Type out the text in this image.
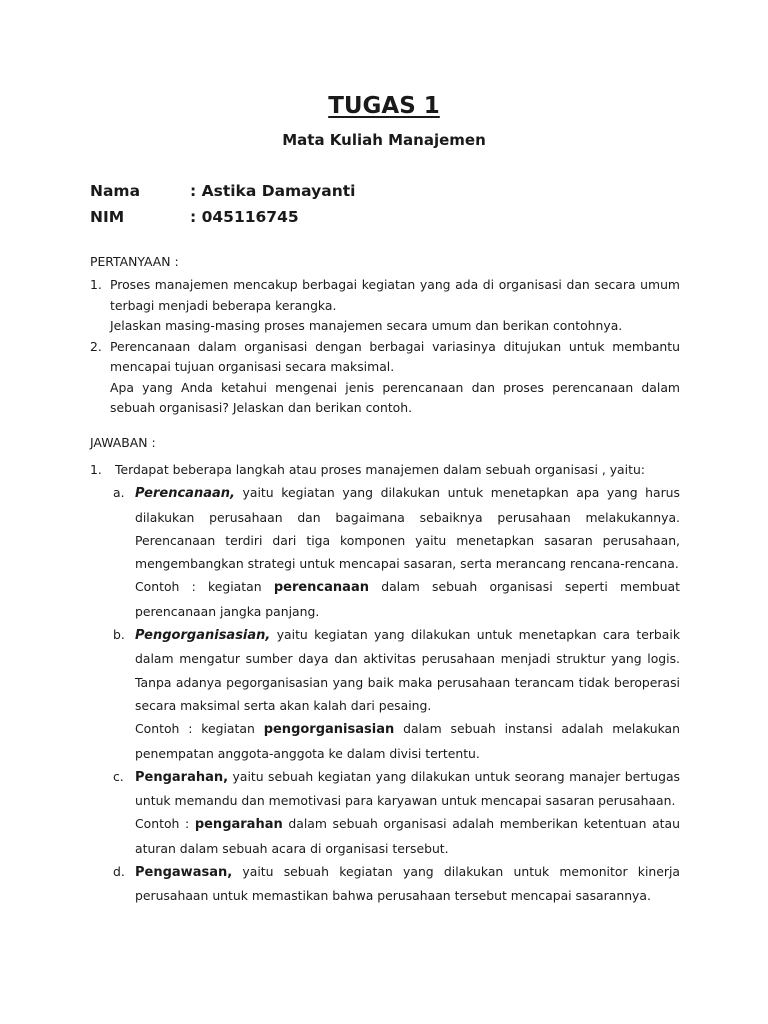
TUGAS 1
Mata Kuliah Manajemen
Nama	: Astika Damayanti
NIM	: 045116745
PERTANYAAN :
1. Proses manajemen mencakup berbagai kegiatan yang ada di organisasi dan secara umum terbagi menjadi beberapa kerangka.

Jelaskan masing-masing proses manajemen secara umum dan berikan contohnya.

2. Perencanaan dalam organisasi dengan berbagai variasinya ditujukan untuk membantu mencapai tujuan organisasi secara maksimal.

Apa yang Anda ketahui mengenai jenis perencanaan dan proses perencanaan dalam sebuah organisasi? Jelaskan dan berikan contoh.

JAWABAN :
1. Terdapat beberapa langkah atau proses manajemen dalam sebuah organisasi , yaitu:
a. Perencanaan, yaitu kegiatan yang dilakukan untuk menetapkan apa yang harus dilakukan perusahaan dan bagaimana sebaiknya perusahaan melakukannya. Perencanaan terdiri dari tiga komponen yaitu menetapkan sasaran perusahaan, mengembangkan strategi untuk mencapai sasaran, serta merancang rencana-rencana.

Contoh : kegiatan perencanaan dalam sebuah organisasi seperti membuat perencanaan jangka panjang.

b. Pengorganisasian, yaitu kegiatan yang dilakukan untuk menetapkan cara terbaik dalam mengatur sumber daya dan aktivitas perusahaan menjadi struktur yang logis. Tanpa adanya pegorganisasian yang baik maka perusahaan terancam tidak beroperasi secara maksimal serta akan kalah dari pesaing.

Contoh : kegiatan pengorganisasian dalam sebuah instansi adalah melakukan penempatan anggota-anggota ke dalam divisi tertentu.

c. Pengarahan, yaitu sebuah kegiatan yang dilakukan untuk seorang manajer bertugas untuk memandu dan memotivasi para karyawan untuk mencapai sasaran perusahaan.

Contoh : pengarahan dalam sebuah organisasi adalah memberikan ketentuan atau aturan dalam sebuah acara di organisasi tersebut.

d. Pengawasan, yaitu sebuah kegiatan yang dilakukan untuk memonitor kinerja perusahaan untuk memastikan bahwa perusahaan tersebut mencapai sasarannya.
